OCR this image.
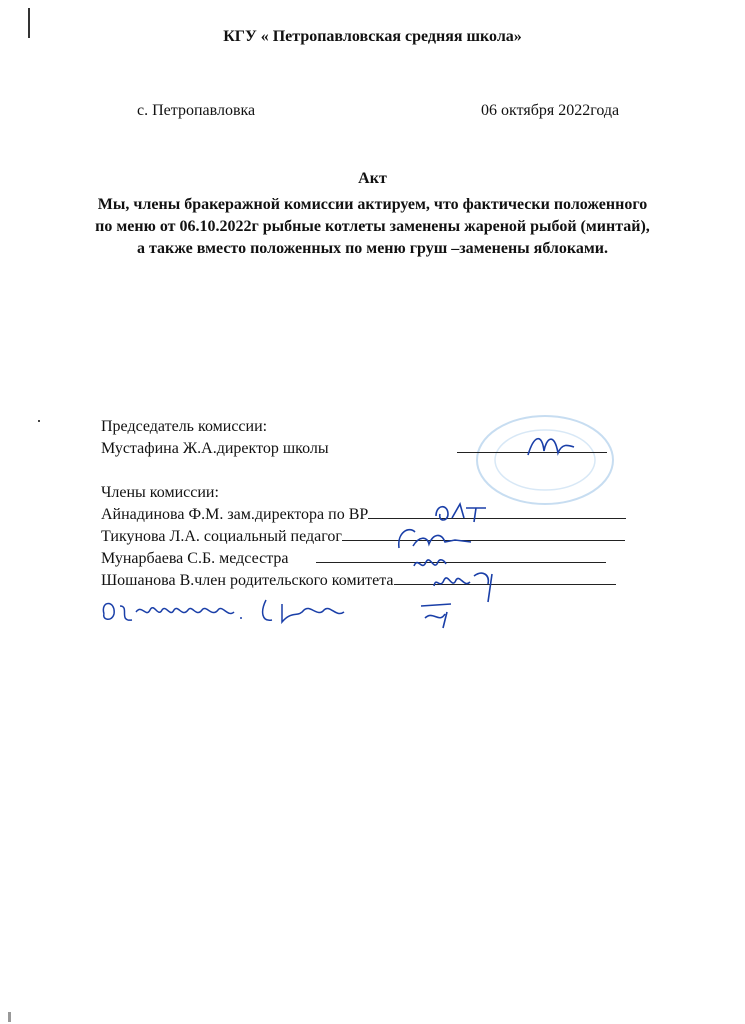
КГУ « Петропавловская средняя школа»
с. Петропавловка	06 октября 2022года
Акт
Мы, члены бракеражной комиссии актируем, что фактически положенного
по меню от 06.10.2022г рыбные котлеты заменены жареной рыбой (минтай),
а также вместо положенных по меню груш –заменены яблоками.
Председатель комиссии:
Мустафина Ж.А.директор школы
Члены комиссии:
Айнадинова Ф.М. зам.директора по ВР
Тикунова Л.А. социальный педагог
Мунарбаева С.Б. медсестра
Шошанова В.член родительского комитета
